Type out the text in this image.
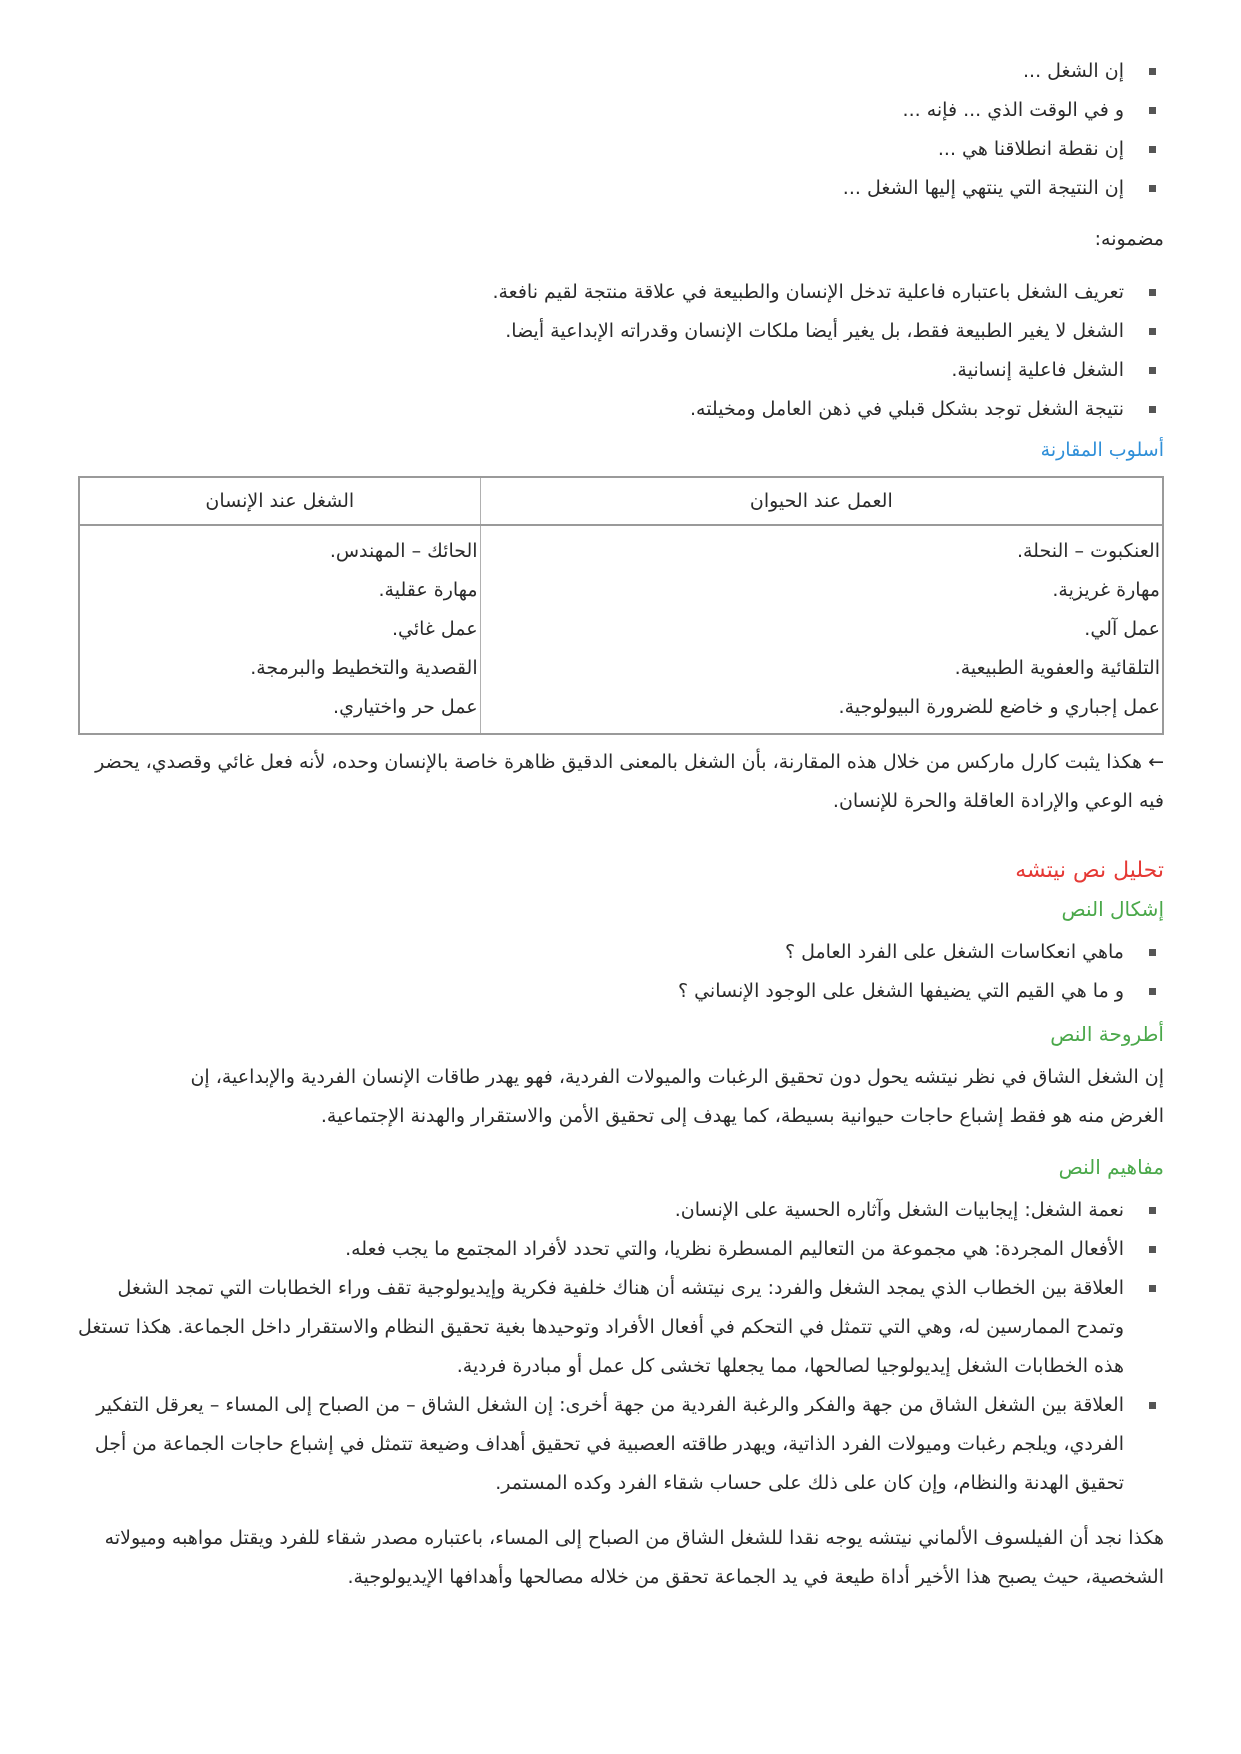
إن الشغل ...
و في الوقت الذي ... فإنه ...
إن نقطة انطلاقنا هي ...
إن النتيجة التي ينتهي إليها الشغل ...

مضمونه:

تعريف الشغل باعتباره فاعلية تدخل الإنسان والطبيعة في علاقة منتجة لقيم نافعة.
الشغل لا يغير الطبيعة فقط، بل يغير أيضا ملكات الإنسان وقدراته الإبداعية أيضا.
الشغل فاعلية إنسانية.
نتيجة الشغل توجد بشكل قبلي في ذهن العامل ومخيلته.

أسلوب المقارنة

العمل عند الحيوان	الشغل عند الإنسان
العنكبوت – النحلة.	الحائك – المهندس.
مهارة غريزية.	مهارة عقلية.
عمل آلي.	عمل غائي.
التلقائية والعفوية الطبيعية.	القصدية والتخطيط والبرمجة.
عمل إجباري و خاضع للضرورة البيولوجية.	عمل حر واختياري.

← هكذا يثبت كارل ماركس من خلال هذه المقارنة، بأن الشغل بالمعنى الدقيق ظاهرة خاصة بالإنسان وحده، لأنه فعل غائي وقصدي، يحضر فيه الوعي والإرادة العاقلة والحرة للإنسان.

تحليل نص نيتشه

إشكال النص

ماهي انعكاسات الشغل على الفرد العامل ؟
و ما هي القيم التي يضيفها الشغل على الوجود الإنساني ؟

أطروحة النص

إن الشغل الشاق في نظر نيتشه يحول دون تحقيق الرغبات والميولات الفردية، فهو يهدر طاقات الإنسان الفردية والإبداعية، إن الغرض منه هو فقط إشباع حاجات حيوانية بسيطة، كما يهدف إلى تحقيق الأمن والاستقرار والهدنة الإجتماعية.

مفاهيم النص

نعمة الشغل: إيجابيات الشغل وآثاره الحسية على الإنسان.
الأفعال المجردة: هي مجموعة من التعاليم المسطرة نظريا، والتي تحدد لأفراد المجتمع ما يجب فعله.
العلاقة بين الخطاب الذي يمجد الشغل والفرد: يرى نيتشه أن هناك خلفية فكرية وإيديولوجية تقف وراء الخطابات التي تمجد الشغل وتمدح الممارسين له، وهي التي تتمثل في التحكم في أفعال الأفراد وتوحيدها بغية تحقيق النظام والاستقرار داخل الجماعة. هكذا تستغل هذه الخطابات الشغل إيديولوجيا لصالحها، مما يجعلها تخشى كل عمل أو مبادرة فردية.
العلاقة بين الشغل الشاق من جهة والفكر والرغبة الفردية من جهة أخرى: إن الشغل الشاق – من الصباح إلى المساء – يعرقل التفكير الفردي، ويلجم رغبات وميولات الفرد الذاتية، ويهدر طاقته العصبية في تحقيق أهداف وضيعة تتمثل في إشباع حاجات الجماعة من أجل تحقيق الهدنة والنظام، وإن كان على ذلك على حساب شقاء الفرد وكده المستمر.

هكذا نجد أن الفيلسوف الألماني نيتشه يوجه نقدا للشغل الشاق من الصباح إلى المساء، باعتباره مصدر شقاء للفرد ويقتل مواهبه وميولاته الشخصية، حيث يصبح هذا الأخير أداة طيعة في يد الجماعة تحقق من خلاله مصالحها وأهدافها الإيديولوجية.
